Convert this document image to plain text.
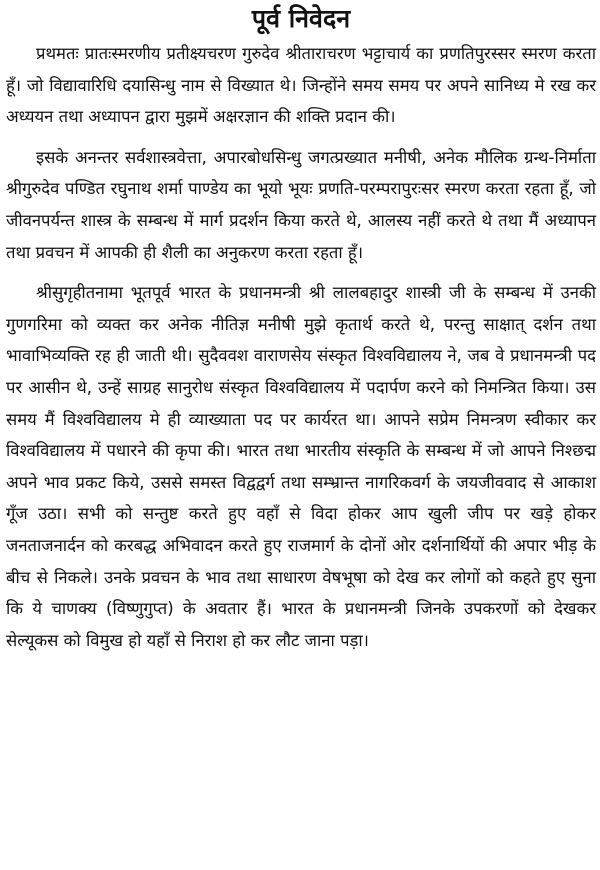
पूर्व निवेदन

प्रथमतः प्रातःस्मरणीय प्रतीक्ष्यचरण गुरुदेव श्रीताराचरण भट्टाचार्य का प्रणतिपुरस्सर स्मरण करता हूँ। जो विद्यावारिधि दयासिन्धु नाम से विख्यात थे। जिन्होंने समय समय पर अपने सानिध्य मे रख कर अध्ययन तथा अध्यापन द्वारा मुझमें अक्षरज्ञान की शक्ति प्रदान की।

इसके अनन्तर सर्वशास्त्रवेत्ता, अपारबोधसिन्धु जगत्प्रख्यात मनीषी, अनेक मौलिक ग्रन्थ-निर्माता श्रीगुरुदेव पण्डित रघुनाथ शर्मा पाण्डेय का भूयो भूयः प्रणति-परम्परापुरःसर स्मरण करता रहता हूँ, जो जीवनपर्यन्त शास्त्र के सम्बन्ध में मार्ग प्रदर्शन किया करते थे, आलस्य नहीं करते थे तथा मैं अध्यापन तथा प्रवचन में आपकी ही शैली का अनुकरण करता रहता हूँ।

श्रीसुगृहीतनामा भूतपूर्व भारत के प्रधानमन्त्री श्री लालबहादुर शास्त्री जी के सम्बन्ध में उनकी गुणगरिमा को व्यक्त कर अनेक नीतिज्ञ मनीषी मुझे कृतार्थ करते थे, परन्तु साक्षात् दर्शन तथा भावाभिव्यक्ति रह ही जाती थी। सुदैववश वाराणसेय संस्कृत विश्वविद्यालय ने, जब वे प्रधानमन्त्री पद पर आसीन थे, उन्हें साग्रह सानुरोध संस्कृत विश्वविद्यालय में पदार्पण करने को निमन्त्रित किया। उस समय मैं विश्वविद्यालय मे ही व्याख्याता पद पर कार्यरत था। आपने सप्रेम निमन्त्रण स्वीकार कर विश्वविद्यालय में पधारने की कृपा की। भारत तथा भारतीय संस्कृति के सम्बन्ध में जो आपने निश्छद्म अपने भाव प्रकट किये, उससे समस्त विद्वद्वर्ग तथा सम्भ्रान्त नागरिकवर्ग के जयजीववाद से आकाश गूँज उठा। सभी को सन्तुष्ट करते हुए वहाँ से विदा होकर आप खुली जीप पर खड़े होकर जनताजनार्दन को करबद्ध अभिवादन करते हुए राजमार्ग के दोनों ओर दर्शनार्थियों की अपार भीड़ के बीच से निकले। उनके प्रवचन के भाव तथा साधारण वेषभूषा को देख कर लोगों को कहते हुए सुना कि ये चाणक्य (विष्णुगुप्त) के अवतार हैं। भारत के प्रधानमन्त्री जिनके उपकरणों को देखकर सेल्यूकस को विमुख हो यहाँ से निराश हो कर लौट जाना पड़ा।
